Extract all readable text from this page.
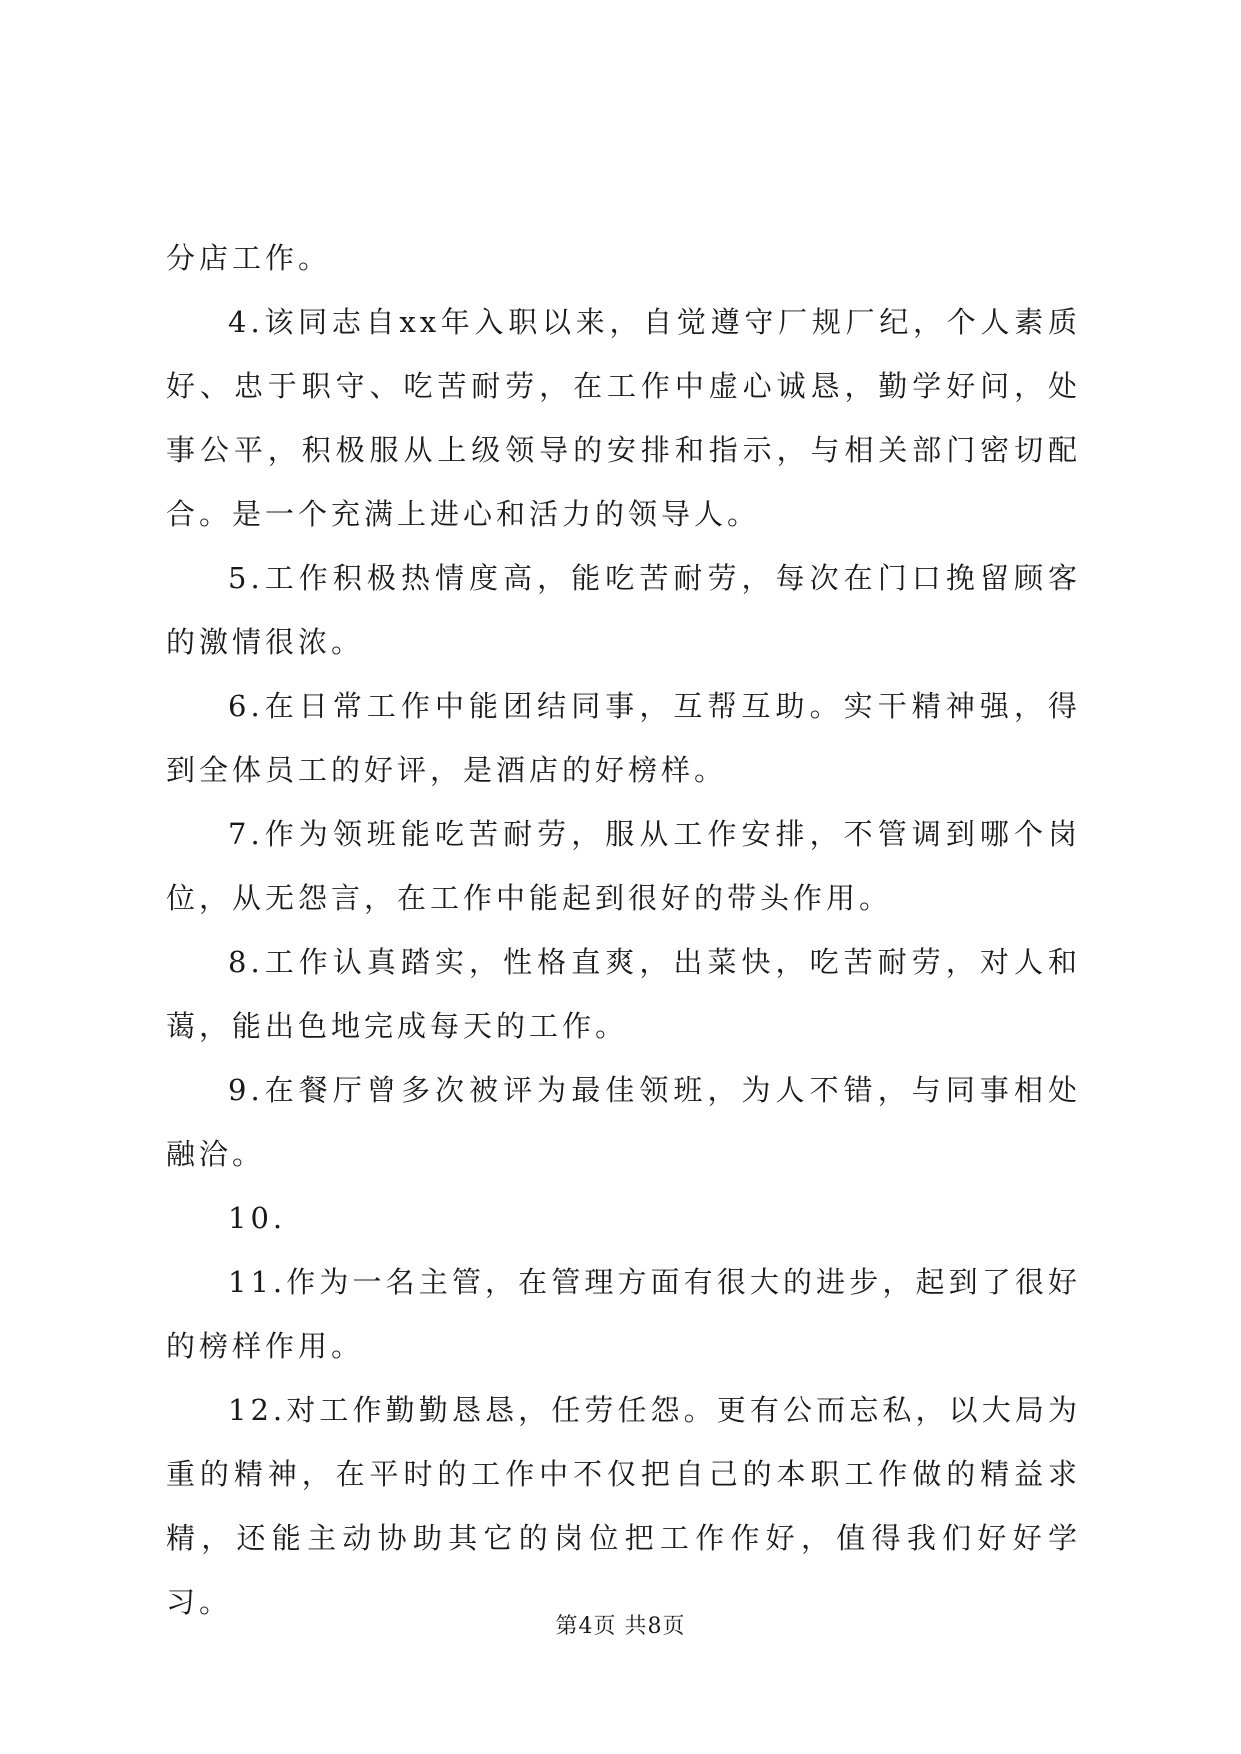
分店工作。

4.该同志自xx年入职以来，自觉遵守厂规厂纪，个人素质好、忠于职守、吃苦耐劳，在工作中虚心诚恳，勤学好问，处事公平，积极服从上级领导的安排和指示，与相关部门密切配合。是一个充满上进心和活力的领导人。

5.工作积极热情度高，能吃苦耐劳，每次在门口挽留顾客的激情很浓。

6.在日常工作中能团结同事，互帮互助。实干精神强，得到全体员工的好评，是酒店的好榜样。

7.作为领班能吃苦耐劳，服从工作安排，不管调到哪个岗位，从无怨言，在工作中能起到很好的带头作用。

8.工作认真踏实，性格直爽，出菜快，吃苦耐劳，对人和蔼，能出色地完成每天的工作。

9.在餐厅曾多次被评为最佳领班，为人不错，与同事相处融洽。

10.

11.作为一名主管，在管理方面有很大的进步，起到了很好的榜样作用。

12.对工作勤勤恳恳，任劳任怨。更有公而忘私，以大局为重的精神，在平时的工作中不仅把自己的本职工作做的精益求精，还能主动协助其它的岗位把工作作好，值得我们好好学习。

第4页 共8页
